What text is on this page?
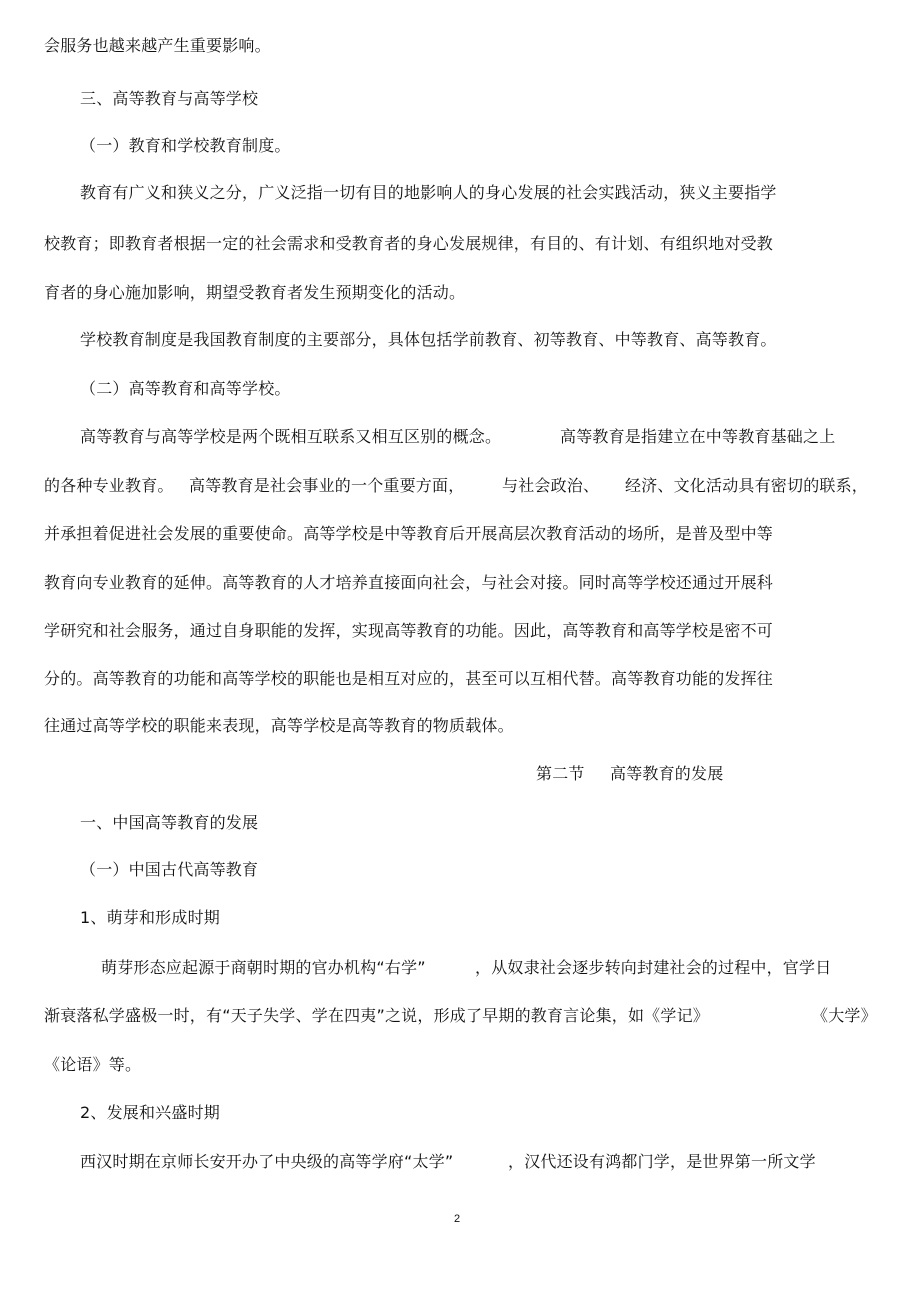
会服务也越来越产生重要影响。
三、高等教育与高等学校
（一）教育和学校教育制度。
教育有广义和狭义之分，广义泛指一切有目的地影响人的身心发展的社会实践活动，狭义主要指学
校教育；即教育者根据一定的社会需求和受教育者的身心发展规律，有目的、有计划、有组织地对受教
育者的身心施加影响，期望受教育者发生预期变化的活动。
学校教育制度是我国教育制度的主要部分，具体包括学前教育、初等教育、中等教育、高等教育。
（二）高等教育和高等学校。
高等教育与高等学校是两个既相互联系又相互区别的概念。	高等教育是指建立在中等教育基础之上
的各种专业教育。 高等教育是社会事业的一个重要方面， 与社会政治、 经济、文化活动具有密切的联系，
并承担着促进社会发展的重要使命。高等学校是中等教育后开展高层次教育活动的场所，是普及型中等
教育向专业教育的延伸。高等教育的人才培养直接面向社会，与社会对接。同时高等学校还通过开展科
学研究和社会服务，通过自身职能的发挥，实现高等教育的功能。因此，高等教育和高等学校是密不可
分的。高等教育的功能和高等学校的职能也是相互对应的，甚至可以互相代替。高等教育功能的发挥往
往通过高等学校的职能来表现，高等学校是高等教育的物质载体。
第二节 高等教育的发展
一、中国高等教育的发展
（一）中国古代高等教育
1、萌芽和形成时期
萌芽形态应起源于商朝时期的官办机构“右学”	，从奴隶社会逐步转向封建社会的过程中，官学日
渐衰落私学盛极一时，有“天子失学、学在四夷”之说，形成了早期的教育言论集，如《学记》	《大学》
《论语》等。
2、发展和兴盛时期
西汉时期在京师长安开办了中央级的高等学府“太学”	，汉代还设有鸿都门学，是世界第一所文学
2
